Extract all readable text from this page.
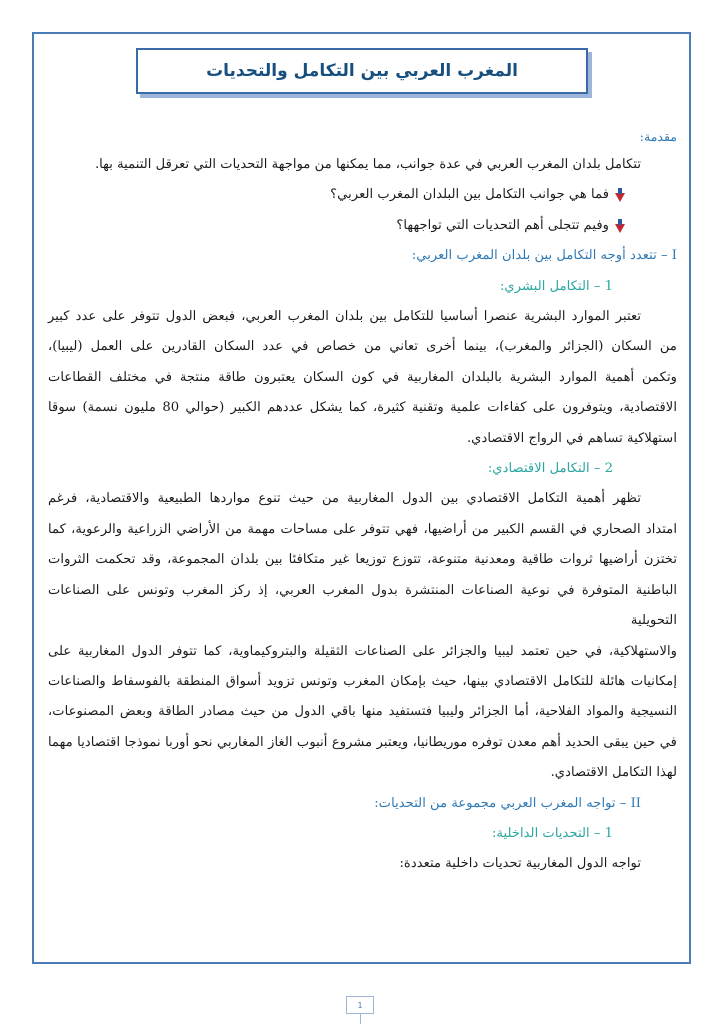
المغرب العربي بين التكامل والتحديات

مقدمة:

تتكامل بلدان المغرب العربي في عدة جوانب، مما يمكنها من مواجهة التحديات التي تعرقل التنمية بها.

فما هي جوانب التكامل بين البلدان المغرب العربي؟

وفيم تتجلى أهم التحديات التي تواجهها؟

I – تتعدد أوجه التكامل بين بلدان المغرب العربي:

1 – التكامل البشري:

تعتبر الموارد البشرية عنصرا أساسيا للتكامل بين بلدان المغرب العربي، فبعض الدول تتوفر على عدد كبير

من السكان (الجزائر والمغرب)، بينما أخرى تعاني من خصاص في عدد السكان القادرين على العمل (ليبيا)،

وتكمن أهمية الموارد البشرية بالبلدان المغاربية في كون السكان يعتبرون طاقة منتجة في مختلف القطاعات

الاقتصادية، ويتوفرون على كفاءات علمية وتقنية كثيرة، كما يشكل عددهم الكبير (حوالي 80 مليون نسمة) سوقا

استهلاكية تساهم في الرواج الاقتصادي.

2 – التكامل الاقتصادي:

تظهر أهمية التكامل الاقتصادي بين الدول المغاربية من حيث تنوع مواردها الطبيعية والاقتصادية، فرغم

امتداد الصحاري في القسم الكبير من أراضيها، فهي تتوفر على مساحات مهمة من الأراضي الزراعية والرعوية، كما

تختزن أراضيها ثروات طاقية ومعدنية متنوعة، تتوزع توزيعا غير متكافئا بين بلدان المجموعة، وقد تحكمت الثروات

الباطنية المتوفرة في نوعية الصناعات المنتشرة بدول المغرب العربي، إذ ركز المغرب وتونس على الصناعات التحويلية

والاستهلاكية، في حين تعتمد ليبيا والجزائر على الصناعات الثقيلة والبتروكيماوية، كما تتوفر الدول المغاربية على

إمكانيات هائلة للتكامل الاقتصادي بينها، حيث بإمكان المغرب وتونس تزويد أسواق المنطقة بالفوسفاط والصناعات

النسيجية والمواد الفلاحية، أما الجزائر وليبيا فتستفيد منها باقي الدول من حيث مصادر الطاقة وبعض المصنوعات،

في حين يبقى الحديد أهم معدن توفره موريطانيا، ويعتبر مشروع أنبوب الغاز المغاربي نحو أوربا نموذجا اقتصاديا مهما

لهذا التكامل الاقتصادي.

II – تواجه المغرب العربي مجموعة من التحديات:

1 – التحديات الداخلية:

تواجه الدول المغاربية تحديات داخلية متعددة:

1
